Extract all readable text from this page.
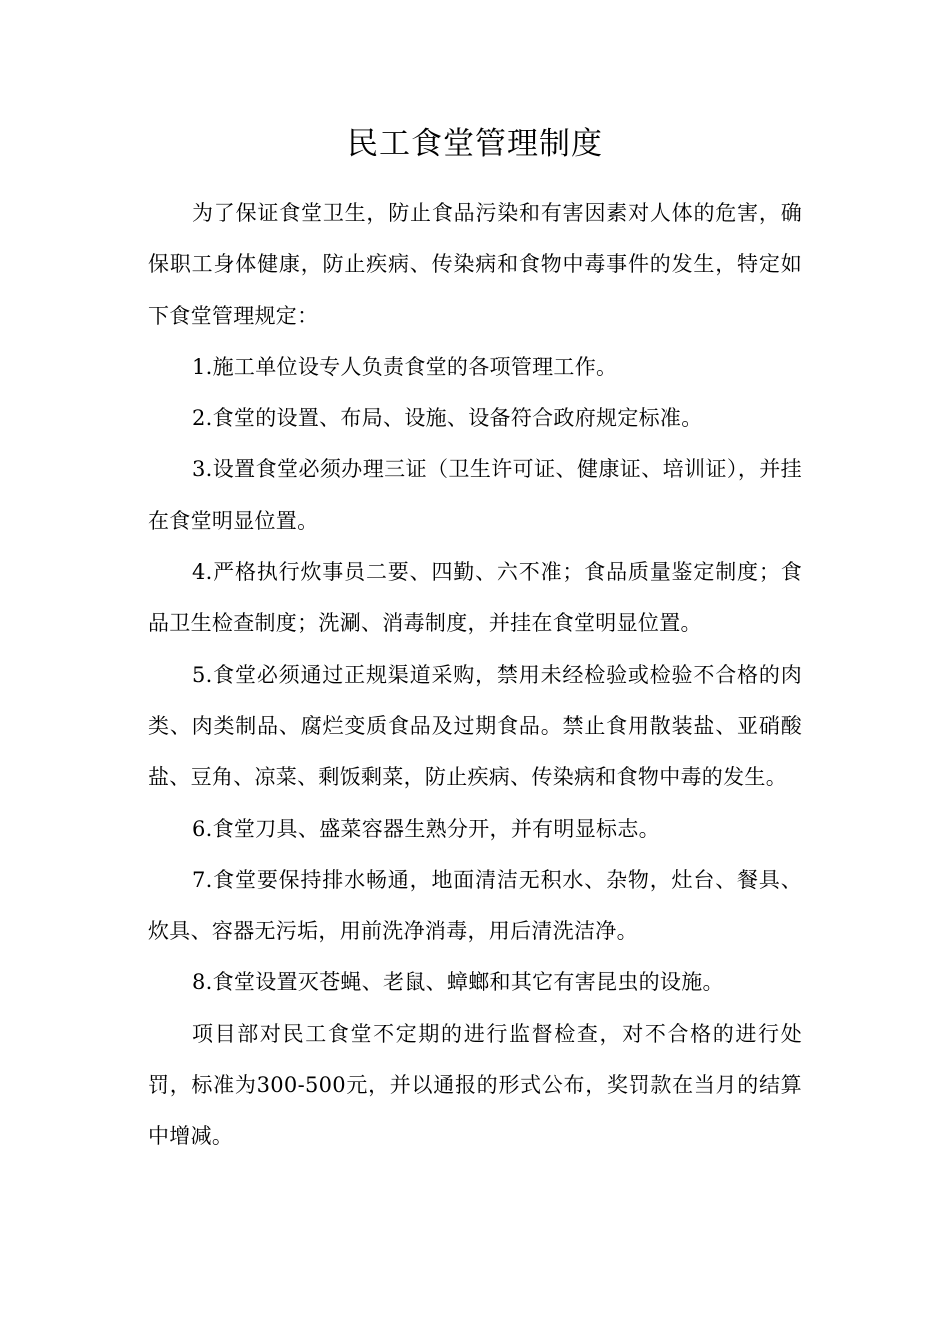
民工食堂管理制度

为了保证食堂卫生，防止食品污染和有害因素对人体的危害，确保职工身体健康，防止疾病、传染病和食物中毒事件的发生，特定如下食堂管理规定：

1.施工单位设专人负责食堂的各项管理工作。

2.食堂的设置、布局、设施、设备符合政府规定标准。

3.设置食堂必须办理三证（卫生许可证、健康证、培训证），并挂在食堂明显位置。

4.严格执行炊事员二要、四勤、六不准；食品质量鉴定制度；食品卫生检查制度；洗涮、消毒制度，并挂在食堂明显位置。

5.食堂必须通过正规渠道采购，禁用未经检验或检验不合格的肉类、肉类制品、腐烂变质食品及过期食品。禁止食用散装盐、亚硝酸盐、豆角、凉菜、剩饭剩菜，防止疾病、传染病和食物中毒的发生。

6.食堂刀具、盛菜容器生熟分开，并有明显标志。

7.食堂要保持排水畅通，地面清洁无积水、杂物，灶台、餐具、炊具、容器无污垢，用前洗净消毒，用后清洗洁净。

8.食堂设置灭苍蝇、老鼠、蟑螂和其它有害昆虫的设施。

项目部对民工食堂不定期的进行监督检查，对不合格的进行处罚，标准为300-500元，并以通报的形式公布，奖罚款在当月的结算中增减。
